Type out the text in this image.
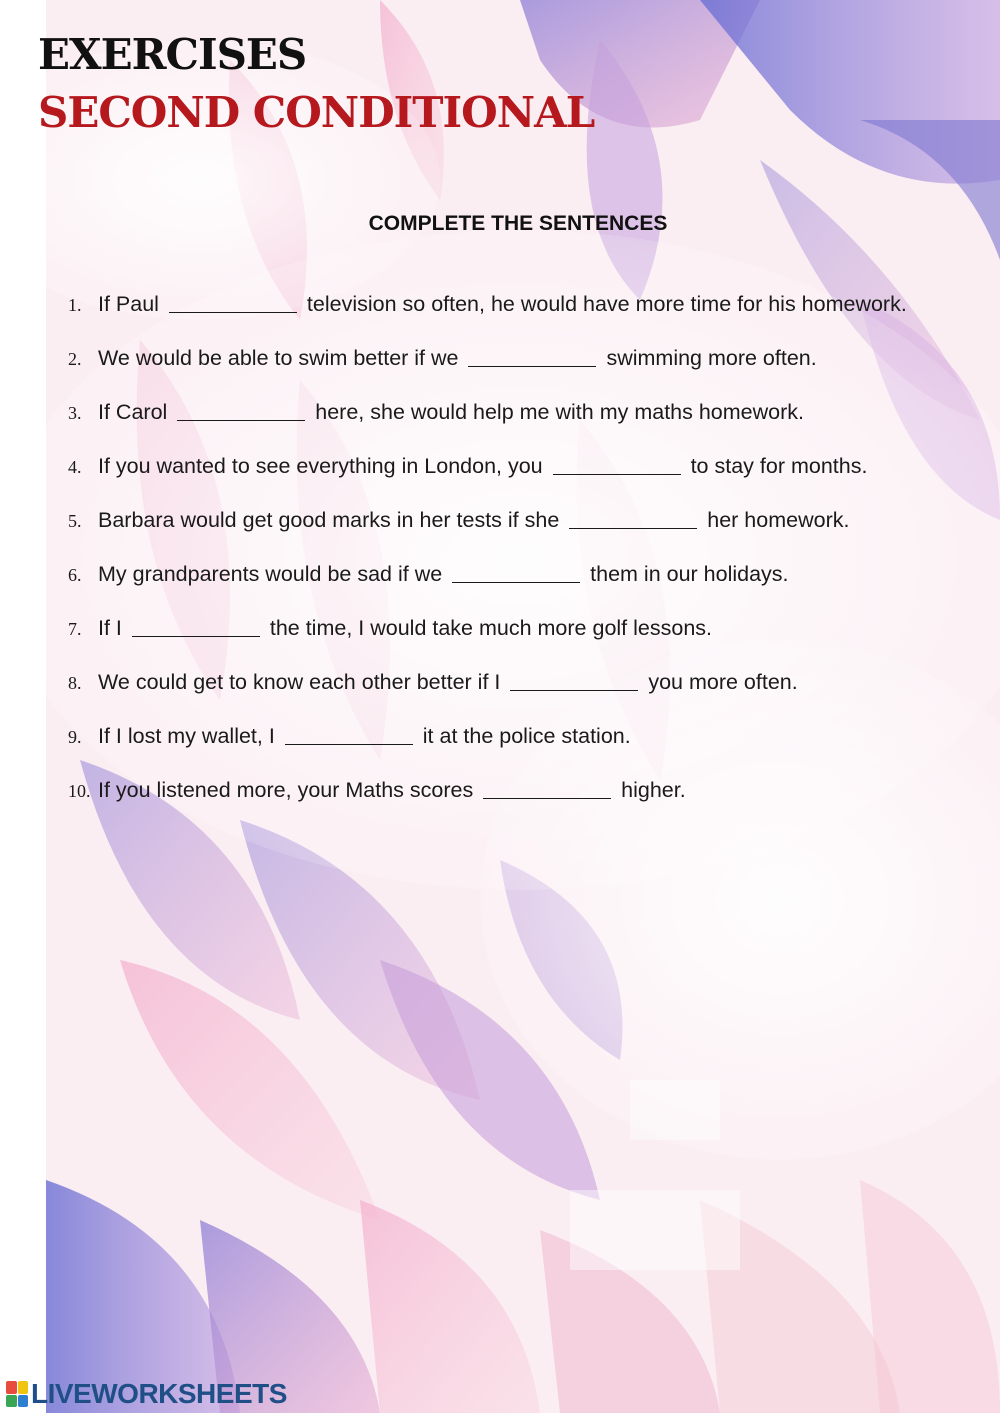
EXERCISES
SECOND CONDITIONAL
COMPLETE THE SENTENCES
1. If Paul	television so often, he would have more time for his homework.
2. We would be able to swim better if we	swimming more often.
3. If Carol	here, she would help me with my maths homework.
4. If you wanted to see everything in London, you	to stay for months.
5. Barbara would get good marks in her tests if she	her homework.
6. My grandparents would be sad if we	them in our holidays.
7. If I	the time, I would take much more golf lessons.
8. We could get to know each other better if I	you more often.
9. If I lost my wallet, I	it at the police station.
10. If you listened more, your Maths scores	higher.
LIVEWORKSHEETS
